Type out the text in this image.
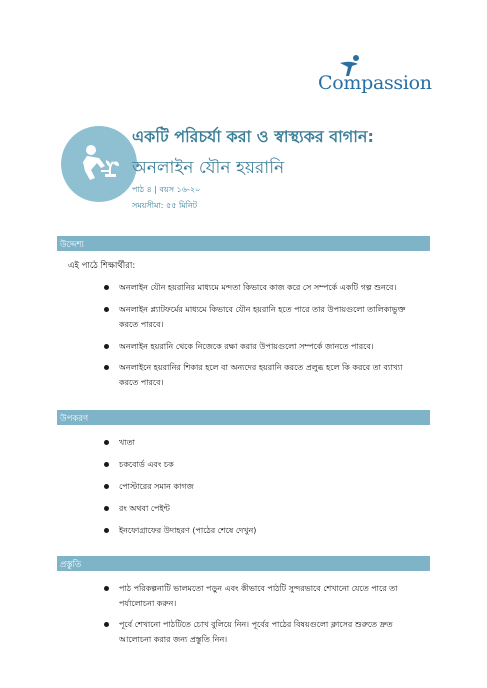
Compassion
একটি পরিচর্যা করা ও স্বাস্থ্যকর বাগান:
অনলাইন যৌন হয়রানি
পাঠ ৪ | বয়স ১৬-২০
সময়সীমা: ৫৫ মিনিট
উদ্দেশ্য
এই পাঠে শিক্ষার্থীরা:
অনলাইন যৌন হয়রানির মাধ্যমে মন্দতা কিভাবে কাজ করে সে সম্পর্কে একটি গল্প শুনবে।
অনলাইন প্ল্যাটফর্মের মাধ্যমে কিভাবে যৌন হয়রানি হতে পারে তার উপায়গুলো তালিকাভুক্ত করতে পারবে।
অনলাইন হয়রানি থেকে নিজেকে রক্ষা করার উপায়গুলো সম্পর্কে জানতে পারবে।
অনলাইনে হয়রানির শিকার হলে বা অন্যদের হয়রানি করতে প্রলুব্ধ হলে কি করবে তা ব্যাখ্যা করতে পারবে।
উপকরণ
খাতা
চকবোর্ড এবং চক
পোস্টারের সমান কাগজ
রং অথবা পেইন্ট
ইনফোগ্রাফের উদাহরণ (পাঠের শেষে দেখুন)
প্রস্তুতি
পাঠ পরিকল্পনাটি ভালমতো পড়ুন এবং কীভাবে পাঠটি সুন্দরভাবে শেখানো যেতে পারে তা পর্যালোচনা করুন।
পূর্বে শেখানো পাঠটিতে চোখ বুলিয়ে নিন। পূর্বের পাঠের বিষয়গুলো ক্লাসের শুরুতে দ্রুত আলোচনা করার জন্য প্রস্তুতি নিন।
